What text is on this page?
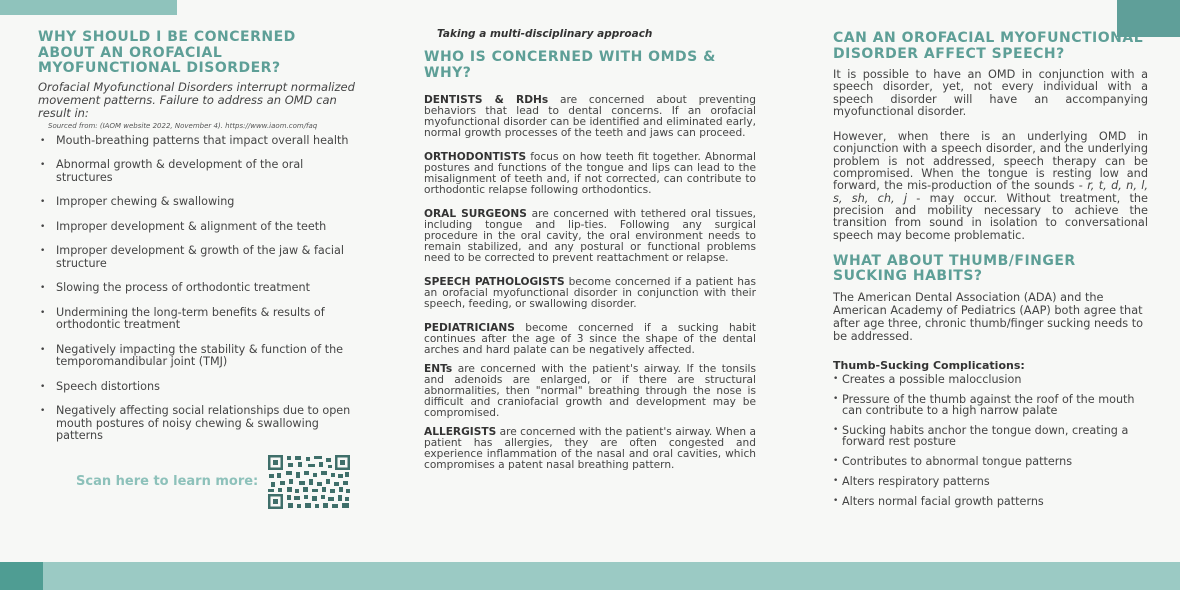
WHY SHOULD I BE CONCERNED ABOUT AN OROFACIAL MYOFUNCTIONAL DISORDER?

Orofacial Myofunctional Disorders interrupt normalized movement patterns. Failure to address an OMD can result in:

Sourced from: (IAOM website 2022, November 4). https://www.iaom.com/faq

• Mouth-breathing patterns that impact overall health
• Abnormal growth & development of the oral structures
• Improper chewing & swallowing
• Improper development & alignment of the teeth
• Improper development & growth of the jaw & facial structure
• Slowing the process of orthodontic treatment
• Undermining the long-term benefits & results of orthodontic treatment
• Negatively impacting the stability & function of the temporomandibular joint (TMJ)
• Speech distortions
• Negatively affecting social relationships due to open mouth postures of noisy chewing & swallowing patterns
Scan here to learn more:

Taking a multi-disciplinary approach

WHO IS CONCERNED WITH OMDS & WHY?

DENTISTS & RDHs are concerned about preventing behaviors that lead to dental concerns. If an orofacial myofunctional disorder can be identified and eliminated early, normal growth processes of the teeth and jaws can proceed.

ORTHODONTISTS focus on how teeth fit together. Abnormal postures and functions of the tongue and lips can lead to the misalignment of teeth and, if not corrected, can contribute to orthodontic relapse following orthodontics.

ORAL SURGEONS are concerned with tethered oral tissues, including tongue and lip-ties. Following any surgical procedure in the oral cavity, the oral environment needs to remain stabilized, and any postural or functional problems need to be corrected to prevent reattachment or relapse.

SPEECH PATHOLOGISTS become concerned if a patient has an orofacial myofunctional disorder in conjunction with their speech, feeding, or swallowing disorder.

PEDIATRICIANS become concerned if a sucking habit continues after the age of 3 since the shape of the dental arches and hard palate can be negatively affected.

ENTs are concerned with the patient's airway. If the tonsils and adenoids are enlarged, or if there are structural abnormalities, then "normal" breathing through the nose is difficult and craniofacial growth and development may be compromised.

ALLERGISTS are concerned with the patient's airway. When a patient has allergies, they are often congested and experience inflammation of the nasal and oral cavities, which compromises a patent nasal breathing pattern.

CAN AN OROFACIAL MYOFUNCTIONAL DISORDER AFFECT SPEECH?

It is possible to have an OMD in conjunction with a speech disorder, yet, not every individual with a speech disorder will have an accompanying myofunctional disorder.

However, when there is an underlying OMD in conjunction with a speech disorder, and the underlying problem is not addressed, speech therapy can be compromised. When the tongue is resting low and forward, the mis-production of the sounds - r, t, d, n, l, s, sh, ch, j - may occur. Without treatment, the precision and mobility necessary to achieve the transition from sound in isolation to conversational speech may become problematic.

WHAT ABOUT THUMB/FINGER SUCKING HABITS?

The American Dental Association (ADA) and the American Academy of Pediatrics (AAP) both agree that after age three, chronic thumb/finger sucking needs to be addressed.

Thumb-Sucking Complications:

• Creates a possible malocclusion
• Pressure of the thumb against the roof of the mouth can contribute to a high narrow palate
• Sucking habits anchor the tongue down, creating a forward rest posture
• Contributes to abnormal tongue patterns
• Alters respiratory patterns
• Alters normal facial growth patterns
